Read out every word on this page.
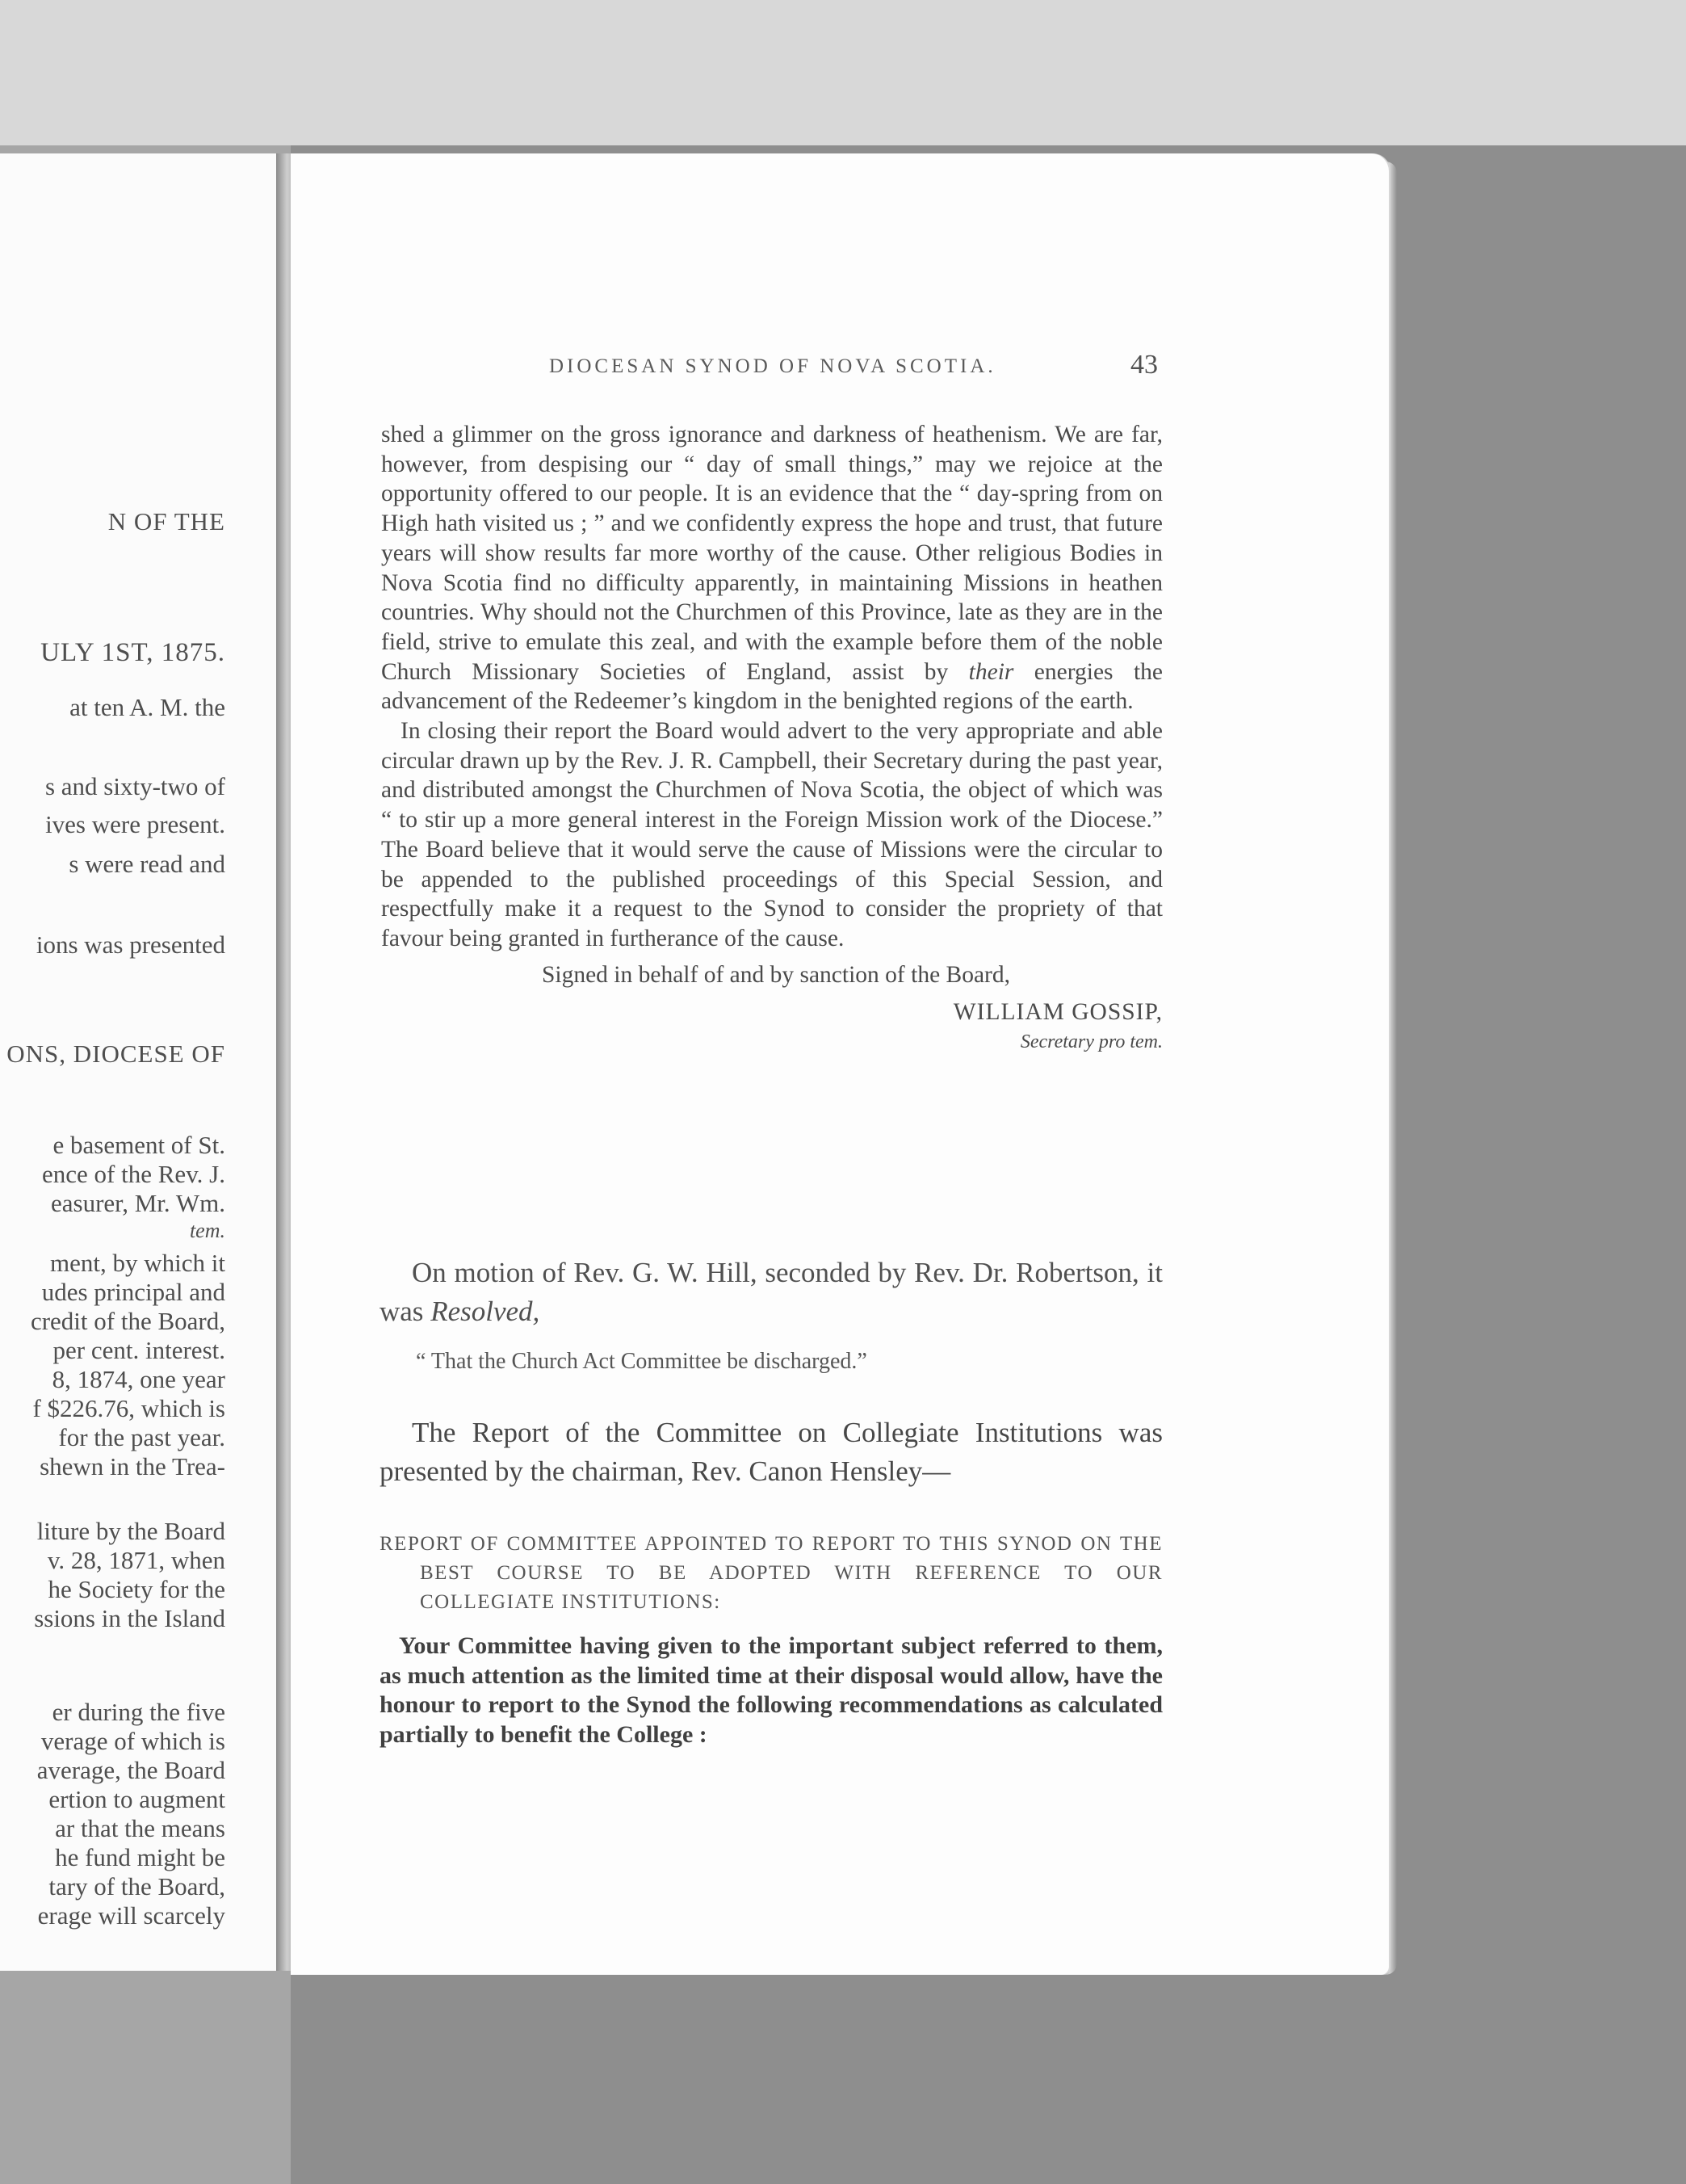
N OF THE
ULY 1ST, 1875.
at ten A. M. the
s and sixty-two of
ives were present.
s were read and
ions was presented
ONS, DIOCESE OF
e basement of St.
ence of the Rev. J.
easurer, Mr. Wm.
tem.
ment, by which it
udes principal and
credit of the Board,
per cent. interest.
8, 1874, one year
f $226.76, which is
for the past year.
shewn in the Trea-
liture by the Board
v. 28, 1871, when
he Society for the
ssions in the Island
er during the five
verage of which is
average, the Board
ertion to augment
ar that the means
he fund might be
tary of the Board,
erage will scarcely
DIOCESAN SYNOD OF NOVA SCOTIA.	43

shed a glimmer on the gross ignorance and darkness of heathenism. We are far, however, from despising our “ day of small things,” may we rejoice at the opportunity offered to our people. It is an evidence that the “ day-spring from on High hath visited us ; ” and we confidently express the hope and trust, that future years will show results far more worthy of the cause. Other religious Bodies in Nova Scotia find no difficulty apparently, in maintaining Missions in heathen countries. Why should not the Churchmen of this Province, late as they are in the field, strive to emulate this zeal, and with the example before them of the noble Church Missionary Societies of England, assist by their energies the advancement of the Redeemer’s kingdom in the benighted regions of the earth.

In closing their report the Board would advert to the very appropriate and able circular drawn up by the Rev. J. R. Campbell, their Secretary during the past year, and distributed amongst the Churchmen of Nova Scotia, the object of which was “ to stir up a more general interest in the Foreign Mission work of the Diocese.” The Board believe that it would serve the cause of Missions were the circular to be appended to the published proceedings of this Special Session, and respectfully make it a request to the Synod to consider the propriety of that favour being granted in furtherance of the cause.

Signed in behalf of and by sanction of the Board,

WILLIAM GOSSIP,

Secretary pro tem.

On motion of Rev. G. W. Hill, seconded by Rev. Dr. Robertson, it was Resolved,

“ That the Church Act Committee be discharged.”

The Report of the Committee on Collegiate Institutions was presented by the chairman, Rev. Canon Hensley—

REPORT OF COMMITTEE APPOINTED TO REPORT TO THIS SYNOD ON THE BEST COURSE TO BE ADOPTED WITH REFERENCE TO OUR COLLEGIATE INSTITUTIONS:

Your Committee having given to the important subject referred to them, as much attention as the limited time at their disposal would allow, have the honour to report to the Synod the following recommendations as calculated partially to benefit the College :
